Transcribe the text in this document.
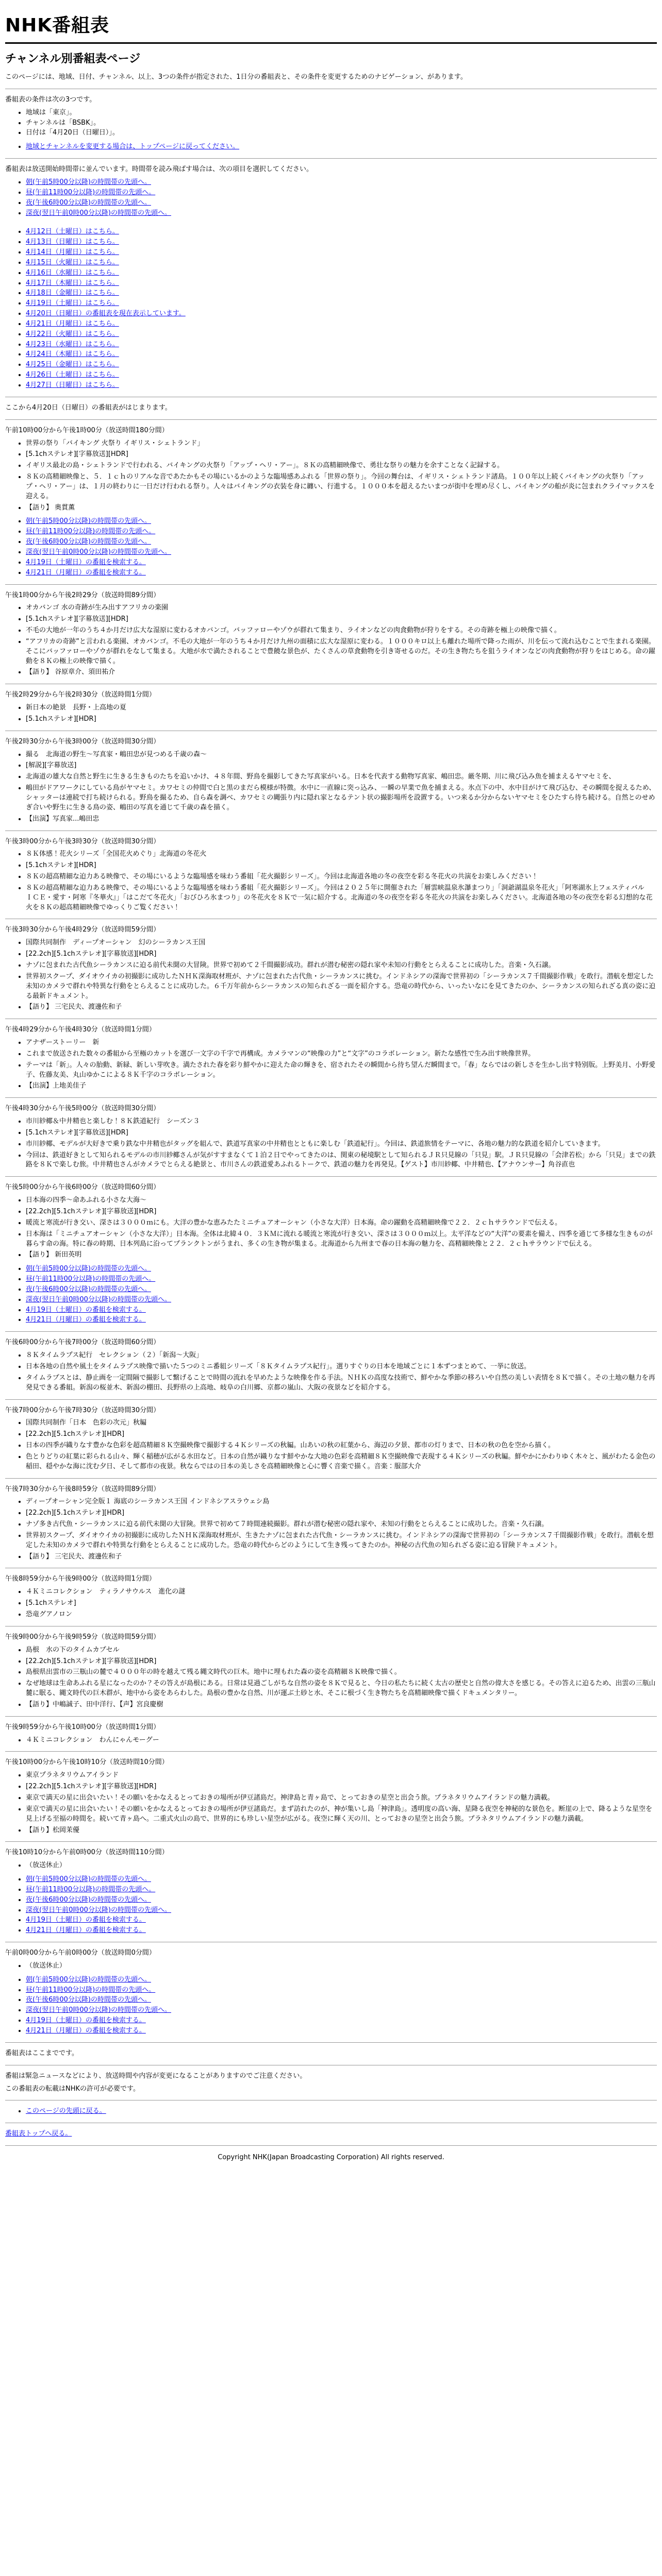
NHK番組表
チャンネル別番組表ページ

このページには、地域、日付、チャンネル、以上、3つの条件が指定された、1日分の番組表と、その条件を変更するためのナビゲーション、があります。

番組表の条件は次の3つです。

• 地域は「東京」。
• チャンネルは「BSBK」。
• 日付は「4月20日（日曜日）」。
• 地域とチャンネルを変更する場合は、トップページに戻ってください。

番組表は放送開始時間帯に並んでいます。時間帯を読み飛ばす場合は、次の項目を選択してください。

• 朝(午前5時00分以降)の時間帯の先頭へ。
• 昼(午前11時00分以降)の時間帯の先頭へ。
• 夜(午後6時00分以降)の時間帯の先頭へ。
• 深夜(翌日午前0時00分以降)の時間帯の先頭へ。
• 4月12日（土曜日）はこちら。
• 4月13日（日曜日）はこちら。
• 4月14日（月曜日）はこちら。
• 4月15日（火曜日）はこちら。
• 4月16日（水曜日）はこちら。
• 4月17日（木曜日）はこちら。
• 4月18日（金曜日）はこちら。
• 4月19日（土曜日）はこちら。
• 4月20日（日曜日）の番組表を現在表示しています。
• 4月21日（月曜日）はこちら。
• 4月22日（火曜日）はこちら。
• 4月23日（水曜日）はこちら。
• 4月24日（木曜日）はこちら。
• 4月25日（金曜日）はこちら。
• 4月26日（土曜日）はこちら。
• 4月27日（日曜日）はこちら。

ここから4月20日（日曜日）の番組表がはじまります。

午前10時00分から午後1時00分（放送時間180分間）

• 世界の祭り「バイキング 火祭り イギリス・シェトランド」
• [5.1chステレオ][字幕放送][HDR]
• イギリス最北の島・シェトランドで行われる、バイキングの火祭り「アップ・ヘリ・アー」。８Ｋの高精細映像で、勇壮な祭りの魅力を余すことなく記録する。
• ８Ｋの高精細映像と、５．１ｃｈのリアルな音であたかもその場にいるかのような臨場感あふれる「世界の祭り」。今回の舞台は、イギリス・シェトランド諸島。１００年以上続くバイキングの火祭り「アップ・ヘリ・アー」は、１月の終わりに一日だけ行われる祭り。人々はバイキングの衣装を身に纏い、行進する。１０００本を超えるたいまつが街中を埋め尽くし、バイキングの船が炎に包まれクライマックスを迎える。
• 【語り】 奥貫薫
• 朝(午前5時00分以降)の時間帯の先頭へ。
• 昼(午前11時00分以降)の時間帯の先頭へ。
• 夜(午後6時00分以降)の時間帯の先頭へ。
• 深夜(翌日午前0時00分以降)の時間帯の先頭へ。
• 4月19日（土曜日）の番組を検索する。
• 4月21日（月曜日）の番組を検索する。

午後1時00分から午後2時29分（放送時間89分間）

• オカバンゴ 水の奇跡が生み出すアフリカの楽園
• [5.1chステレオ][字幕放送][HDR]
• 不毛の大地が一年のうち４か月だけ広大な湿原に変わるオカバンゴ。バッファローやゾウが群れて集まり、ライオンなどの肉食動物が狩りをする。その奇跡を極上の映像で描く。
• “アフリカの奇跡”と言われる楽園、オカバンゴ。不毛の大地が一年のうち４か月だけ九州の面積に広大な湿原に変わる。１０００キロ以上も離れた場所で降った雨が、川を伝って流れ込むことで生まれる楽園。そこにバッファローやゾウが群れをなして集まる。大地が水で満たされることで豊饒な景色が、たくさんの草食動物を引き寄せるのだ。その生き物たちを狙うライオンなどの肉食動物が狩りをはじめる。命の躍動を８Ｋの極上の映像で描く。
• 【語り】 谷原章介、須田祐介

午後2時29分から午後2時30分（放送時間1分間）

• 新日本の絶景　長野・上高地の夏
• [5.1chステレオ][HDR]

午後2時30分から午後3時00分（放送時間30分間）

• 撮る　北海道の野生～写真家・嶋田忠が見つめる千歳の森～
• [解説][字幕放送]
• 北海道の雄大な自然と野生に生きる生きものたちを追いかけ、４８年間、野鳥を撮影してきた写真家がいる。日本を代表する動物写真家、嶋田忠。厳冬期、川に飛び込み魚を捕まえるヤマセミを、
• 嶋田がドアワークにしている鳥がヤマセミ。カワセミの仲間で白と黒のまだら模様が特徴。水中に一直線に突っ込み、一瞬の早業で魚を捕まえる。氷点下の中、水中目がけて飛び込む、その瞬間を捉えるため、シャッターは連続で打ち続けられる。野鳥を撮るため、自ら森を調べ、カワセミの縄張り内に隠れ家となるテント状の撮影場所を設置する。いつ来るか分からないヤマセミをひたすら待ち続ける。自然とのせめぎ合いや野生に生きる鳥の姿、嶋田の写真を通じて千歳の森を描く。
• 【出演】写真家...嶋田忠

午後3時00分から午後3時30分（放送時間30分間）

• ８Ｋ体感！花火シリーズ「全国花火めぐり」北海道の冬花火
• [5.1chステレオ][HDR]
• ８Ｋの超高精細な迫力ある映像で、その場にいるような臨場感を味わう番組「花火撮影シリーズ」。今回は北海道各地の冬の夜空を彩る冬花火の共演をお楽しみください！
• ８Ｋの超高精細な迫力ある映像で、その場にいるような臨場感を味わう番組「花火撮影シリーズ」。今回は２０２５年に開催された「層雲峡温泉氷瀑まつり」「洞爺湖温泉冬花火」「阿寒湖氷上フェスティバル　ＩＣＥ・愛す・阿寒『冬華火』」「はこだて冬花火」「おびひろ氷まつり」の冬花火を８Ｋで一気に紹介する。北海道の冬の夜空を彩る冬花火の共演をお楽しみください。北海道各地の冬の夜空を彩る幻想的な花火を８Ｋの超高精細映像でゆっくりご覧ください！

午後3時30分から午後4時29分（放送時間59分間）

• 国際共同制作　ディープオーシャン　幻のシーラカンス王国
• [22.2ch][5.1chステレオ][字幕放送][HDR]
• ナゾに包まれた古代魚シーラカンスに迫る前代未聞の大冒険。世界で初めて２千間撮影成功。群れが潜む秘密の隠れ家や未知の行動をとらえることに成功した。音楽・久石譲。
• 世界初スクープ、ダイオウイカの初撮影に成功したＮＨＫ深海取材班が、ナゾに包まれた古代魚・シーラカンスに挑む。インドネシアの深海で世界初の「シーラカンス７千間撮影作戦」を敢行。潜航を想定した未知のカメラで群れや特異な行動をとらえることに成功した。６千万年前からシーラカンスの知られざる一面を紹介する。恐竜の時代から、いったいなにを見てきたのか、シーラカンスの知られざる真の姿に迫る最新ドキュメント。
• 【語り】 三宅民夫、渡邊佐和子

午後4時29分から午後4時30分（放送時間1分間）

• アナザーストーリー　新
• これまで放送された数々の番組から至極のカットを選び一文字の千字で再構成。カメラマンの“映像の力”と“文字”のコラボレーション。新たな感性で生み出す映像世界。
• テーマは「新」。人々の胎動、新緑、新しい芽吹き。満たされた春を彩り鮮やかに迎えた命の輝きを、宿されたその瞬間から待ち望んだ瞬間まで。「春」ならではの新しさを生かし出す特別版。上野美月、小野愛子、佐藤友美、丸山ゆかこによる８Ｋ千字のコラボレーション。
• 【出演】上地美佳子

午後4時30分から午後5時00分（放送時間30分間）

• 市川紗椰＆中井精也と楽しむ！８Ｋ鉄道紀行　シーズン３
• [5.1chステレオ][字幕放送][HDR]
• 市川紗椰、モデルが大好きで乗り鉄な中井精也がタッグを組んで、鉄道写真家の中井精也とともに楽しむ「鉄道紀行」。今回は、鉄道旅情をテーマに、各地の魅力的な鉄道を紹介していきます。
• 今回は、鉄道好きとして知られるモデルの市川紗椰さんが気がすすまなくて１泊２日でやってきたのは、関東の秘境駅として知られるＪＲ只見線の「只見」駅。ＪＲ只見線の「会津若松」から「只見」までの鉄路を８Ｋで楽しむ旅。中井精也さんがカメラでとらえる絶景と、市川さんの鉄道愛あふれるトークで、鉄道の魅力を再発見。【ゲスト】市川紗椰、中井精也、【アナウンサー】角谷直也

午後5時00分から午後6時00分（放送時間60分間）

• 日本海の四季～命あふれる小さな大海～
• [22.2ch][5.1chステレオ][字幕放送][HDR]
• 暖流と寒流が行き交い、深さは３０００ｍにも。大洋の豊かな恵みたたミニチュアオーシャン（小さな大洋）日本海。命の躍動を高精細映像で２２．２ｃｈサラウンドで伝える。
• 日本海は「ミニチュアオーシャン（小さな大洋）」日本海。全体は北緯４０．３ＫＭに流れる暖流と寒流が行き交い、深さは３０００ｍ以上。太平洋などの“大洋”の要素を備え、四季を通じて多様な生きものが暮らす命の海。特に春の時期、日本列島に沿ってプランクトンがうまれ、多くの生き物が集まる。北海道から九州まで春の日本海の魅力を、高精細映像と２２．２ｃｈサラウンドで伝える。
• 【語り】 新田英明
• 朝(午前5時00分以降)の時間帯の先頭へ。
• 昼(午前11時00分以降)の時間帯の先頭へ。
• 夜(午後6時00分以降)の時間帯の先頭へ。
• 深夜(翌日午前0時00分以降)の時間帯の先頭へ。
• 4月19日（土曜日）の番組を検索する。
• 4月21日（月曜日）の番組を検索する。

午後6時00分から午後7時00分（放送時間60分間）

• ８Ｋタイムラプス紀行　セレクション（２）「新潟～大阪」
• 日本各地の自然や風土をタイムラプス映像で描いた５つのミニ番組シリーズ「８Ｋタイムラプス紀行」。選りすぐりの日本を地域ごとに１本ずつまとめて、一挙に放送。
• タイムラプスとは、静止画を一定間隔で撮影して繋げることで時間の流れを早めたような映像を作る手法。ＮＨＫの高度な技術で、鮮やかな季節の移ろいや自然の美しい表情を８Ｋで描く。その土地の魅力を再発見できる番組。新潟の桜並木、新潟の棚田、長野県の上高地、岐阜の白川郷、京都の嵐山、大阪の夜景などを紹介する。

午後7時00分から午後7時30分（放送時間30分間）

• 国際共同制作「日本　色彩の次元」秋編
• [22.2ch][5.1chステレオ][HDR]
• 日本の四季が織りなす豊かな色彩を超高精細８Ｋ空撮映像で撮影する４Ｋシリーズの秋編。山あいの秋の紅葉から、海辺の夕景、都市の灯りまで、日本の秋の色を空から描く。
• 色とりどりの紅葉に彩られる山々、輝く稲穂が広がる水田など。日本の自然が織りなす鮮やかな大地の色彩を高精細８Ｋ空撮映像で表現する４Ｋシリーズの秋編。鮮やかにかわりゆく木々と、風がわたる金色の稲田、穏やかな海に沈む夕日、そして都市の夜景。秋ならではの日本の美しさを高精細映像と心に響く音楽で描く。音楽：服部大介

午後7時30分から午後8時59分（放送時間89分間）

• ディープオーシャン完全版１ 海底のシーラカンス王国 インドネシアスラウェシ島
• [22.2ch][5.1chステレオ][HDR]
• ナゾ多き古代魚・シーラカンスに迫る前代未聞の大冒険。世界で初めて７時間連続撮影。群れが潜む秘密の隠れ家や、未知の行動をとらえることに成功した。音楽・久石譲。
• 世界初スクープ、ダイオウイカの初撮影に成功したＮＨＫ深海取材班が、生きたナゾに包まれた古代魚・シーラカンスに挑む。インドネシアの深海で世界初の「シーラカンス７千間撮影作戦」を敢行。潜航を想定した未知のカメラで群れや特異な行動をとらえることに成功した。恐竜の時代からどのようにして生き残ってきたのか。神秘の古代魚の知られざる姿に迫る冒険ドキュメント。
• 【語り】 三宅民夫、渡邊佐和子

午後8時59分から午後9時00分（放送時間1分間）

• ４Ｋミニコレクション　ティラノサウルス　進化の謎
• [5.1chステレオ]
• 恐竜グアノロン

午後9時00分から午後9時59分（放送時間59分間）

• 島根　水の下のタイムカプセル
• [22.2ch][5.1chステレオ][字幕放送][HDR]
• 島根県出雲市の三瓶山の麓で４０００年の時を越えて残る縄文時代の巨木。地中に埋もれた森の姿を高精細８Ｋ映像で描く。
• なぜ地球は生命あふれる星になったのか？その答えが島根にある。日常は見過ごしがちな自然の姿を８Ｋで見ると、今日の私たちに続く太古の歴史と自然の偉大さを感じる。その答えに迫るため、出雲の三瓶山麓に眠る、縄文時代の巨木群が、地中から姿をあらわした。島根の豊かな自然、川が運ぶ土砂と水、そこに根づく生き物たちを高精細映像で描くドキュメンタリー。
• 【語り】中嶋誠子、田中洋行、【声】宮良慶樹

午後9時59分から午後10時00分（放送時間1分間）

• ４Ｋミニコレクション　わんにゃんモーグー

午後10時00分から午後10時10分（放送時間10分間）

• 東京プラネタリウムアイランド
• [22.2ch][5.1chステレオ][字幕放送][HDR]
• 東京で満天の星に出会いたい！その願いをかなえるとっておきの場所が伊豆諸島だ。神津島と青ヶ島で、とっておきの星空と出会う旅。プラネタリウムアイランドの魅力満載。
• 東京で満天の星に出会いたい！その願いをかなえるとっておきの場所が伊豆諸島だ。まず訪れたのが、神が集いし島「神津島」。透明度の高い海、星降る夜空を神秘的な景色を。断崖の上で、降るような星空を見上げる至福の時間を。続いて青ヶ島へ。二重式火山の島で、世界的にも珍しい星空が広がる。夜空に輝く天の川、とっておきの星空と出会う旅。プラネタリウムアイランドの魅力満載。
• 【語り】松岡茉優

午後10時10分から午前0時00分（放送時間110分間）

• （放送休止）
• 朝(午前5時00分以降)の時間帯の先頭へ。
• 昼(午前11時00分以降)の時間帯の先頭へ。
• 夜(午後6時00分以降)の時間帯の先頭へ。
• 深夜(翌日午前0時00分以降)の時間帯の先頭へ。
• 4月19日（土曜日）の番組を検索する。
• 4月21日（月曜日）の番組を検索する。

午前0時00分から午前0時00分（放送時間0分間）

• （放送休止）
• 朝(午前5時00分以降)の時間帯の先頭へ。
• 昼(午前11時00分以降)の時間帯の先頭へ。
• 夜(午後6時00分以降)の時間帯の先頭へ。
• 深夜(翌日午前0時00分以降)の時間帯の先頭へ。
• 4月19日（土曜日）の番組を検索する。
• 4月21日（月曜日）の番組を検索する。

番組表はここまでです。

番組は緊急ニュースなどにより、放送時間や内容が変更になることがありますのでご注意ください。

この番組表の転載はNHKの許可が必要です。

• このページの先頭に戻る。

番組表トップへ戻る。

Copyright NHK(Japan Broadcasting Corporation) All rights reserved.
